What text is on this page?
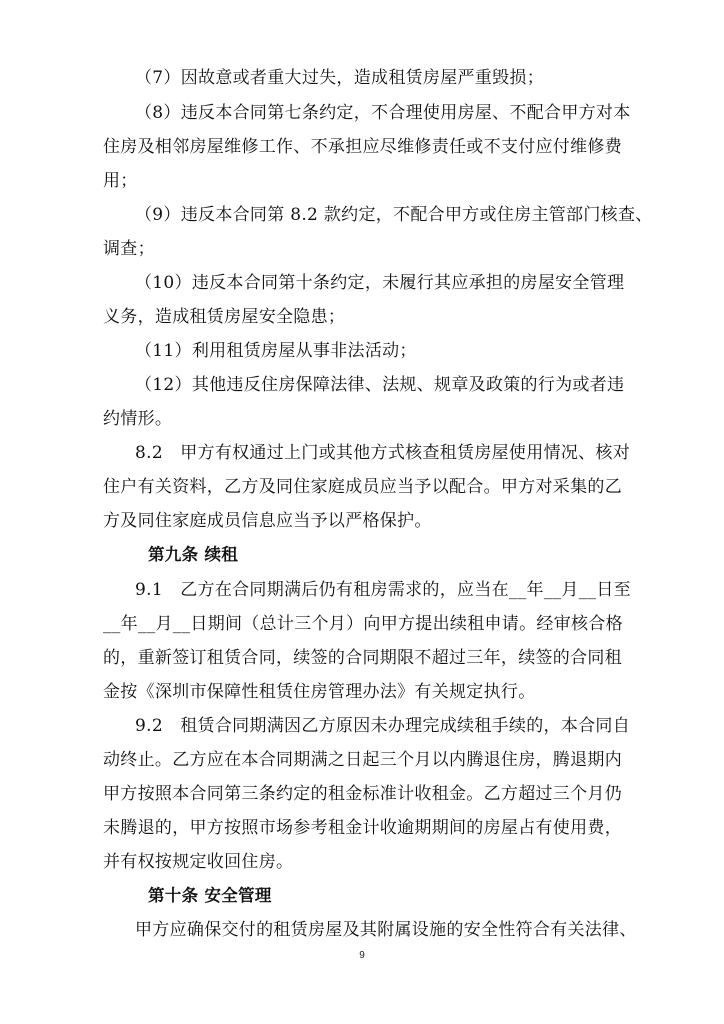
（7）因故意或者重大过失，造成租赁房屋严重毁损；
（8）违反本合同第七条约定，不合理使用房屋、不配合甲方对本
住房及相邻房屋维修工作、不承担应尽维修责任或不支付应付维修费
用；
（9）违反本合同第 8.2 款约定，不配合甲方或住房主管部门核查、
调查；
（10）违反本合同第十条约定，未履行其应承担的房屋安全管理
义务，造成租赁房屋安全隐患；
（11）利用租赁房屋从事非法活动；
（12）其他违反住房保障法律、法规、规章及政策的行为或者违
约情形。
8.2　甲方有权通过上门或其他方式核查租赁房屋使用情况、核对
住户有关资料，乙方及同住家庭成员应当予以配合。甲方对采集的乙
方及同住家庭成员信息应当予以严格保护。
第九条 续租
9.1　乙方在合同期满后仍有租房需求的，应当在__年__月__日至
__年__月__日期间（总计三个月）向甲方提出续租申请。经审核合格
的，重新签订租赁合同，续签的合同期限不超过三年，续签的合同租
金按《深圳市保障性租赁住房管理办法》有关规定执行。
9.2　租赁合同期满因乙方原因未办理完成续租手续的，本合同自
动终止。乙方应在本合同期满之日起三个月以内腾退住房，腾退期内
甲方按照本合同第三条约定的租金标准计收租金。乙方超过三个月仍
未腾退的，甲方按照市场参考租金计收逾期期间的房屋占有使用费，
并有权按规定收回住房。
第十条 安全管理
甲方应确保交付的租赁房屋及其附属设施的安全性符合有关法律、
9
